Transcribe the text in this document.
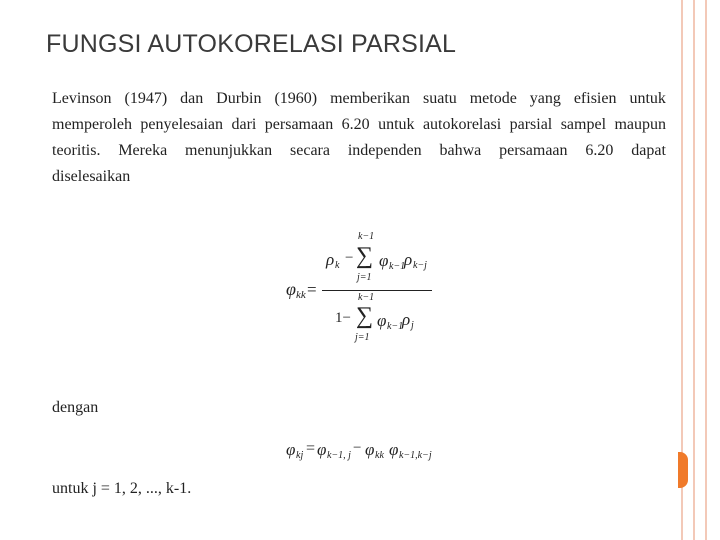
FUNGSI AUTOKORELASI PARSIAL
Levinson (1947) dan Durbin (1960) memberikan suatu metode yang efisien untuk
memperoleh penyelesaian dari persamaan 6.20 untuk autokorelasi parsial sampel maupun
teoritis. Mereka menunjukkan secara independen bahwa persamaan 6.20 dapat
diselesaikan
φ kk =
k−1
ρ k − ∑
j=1
φ k−1
ρ k−j
k−1
1− ∑
j=1
φ k−1
ρ j
dengan
φ kj = φ k−1, j − φ kk φ k−1,k−j
untuk j = 1, 2, ..., k-1.
